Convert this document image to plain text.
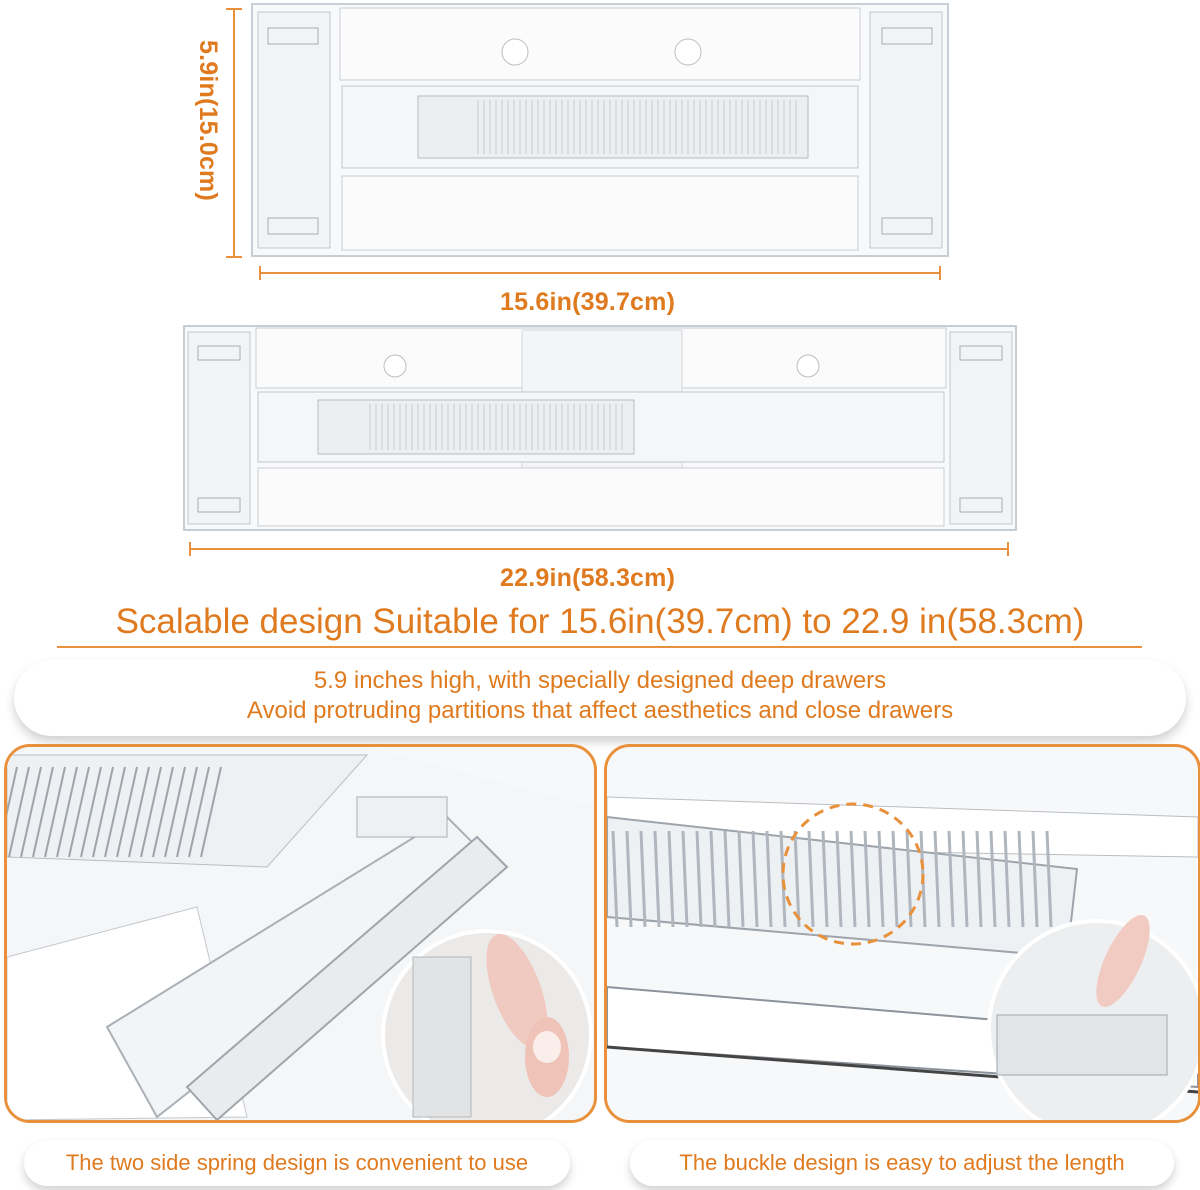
5.9in(15.0cm)
15.6in(39.7cm)
22.9in(58.3cm)
Scalable design Suitable for 15.6in(39.7cm) to 22.9 in(58.3cm)
5.9 inches high, with specially designed deep drawers
Avoid protruding partitions that affect aesthetics and close drawers
The two side spring design is convenient to use	The buckle design is easy to adjust the length
